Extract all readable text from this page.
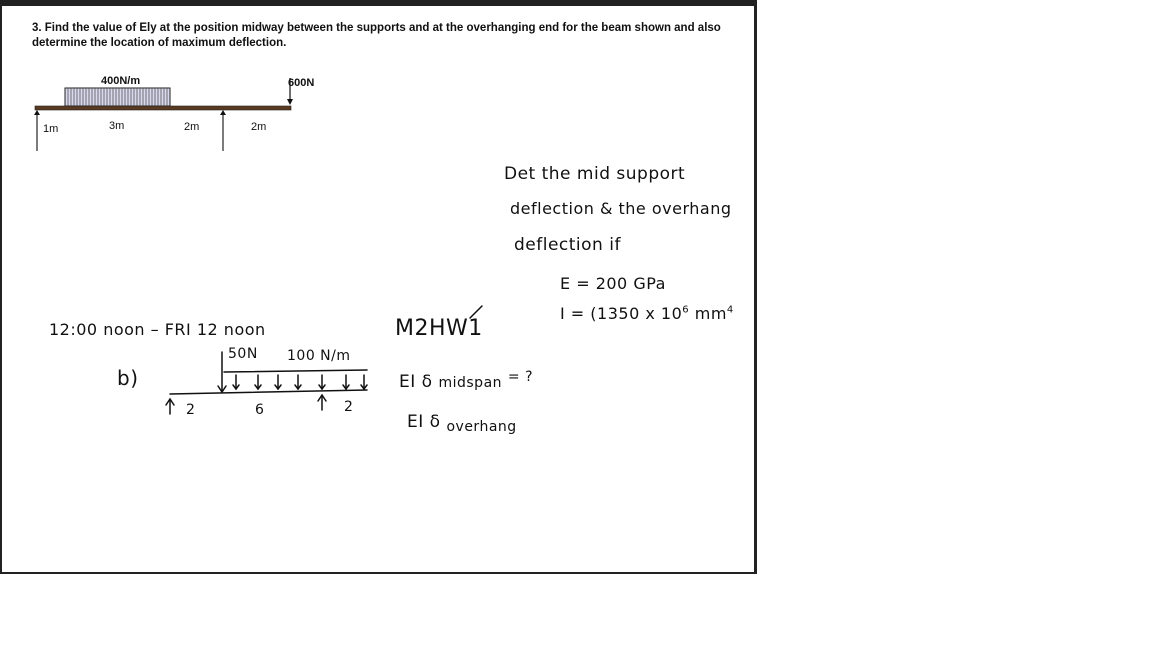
3. Find the value of Ely at the position midway between the supports and at the overhanging end for the beam shown and also determine the location of maximum deflection.
400N/m	600N
1m	3m	2m	2m
Det the mid support
deflection & the overhang
deflection if
E = 200 GPa
I = (1350 x $10^6$ $mm^4$
M2HW1
12:00 noon – FRI 12 noon
b)
50N 100 N/m
2	6	2
EI δ midspan = ?
EI δ $_{overhang}$
